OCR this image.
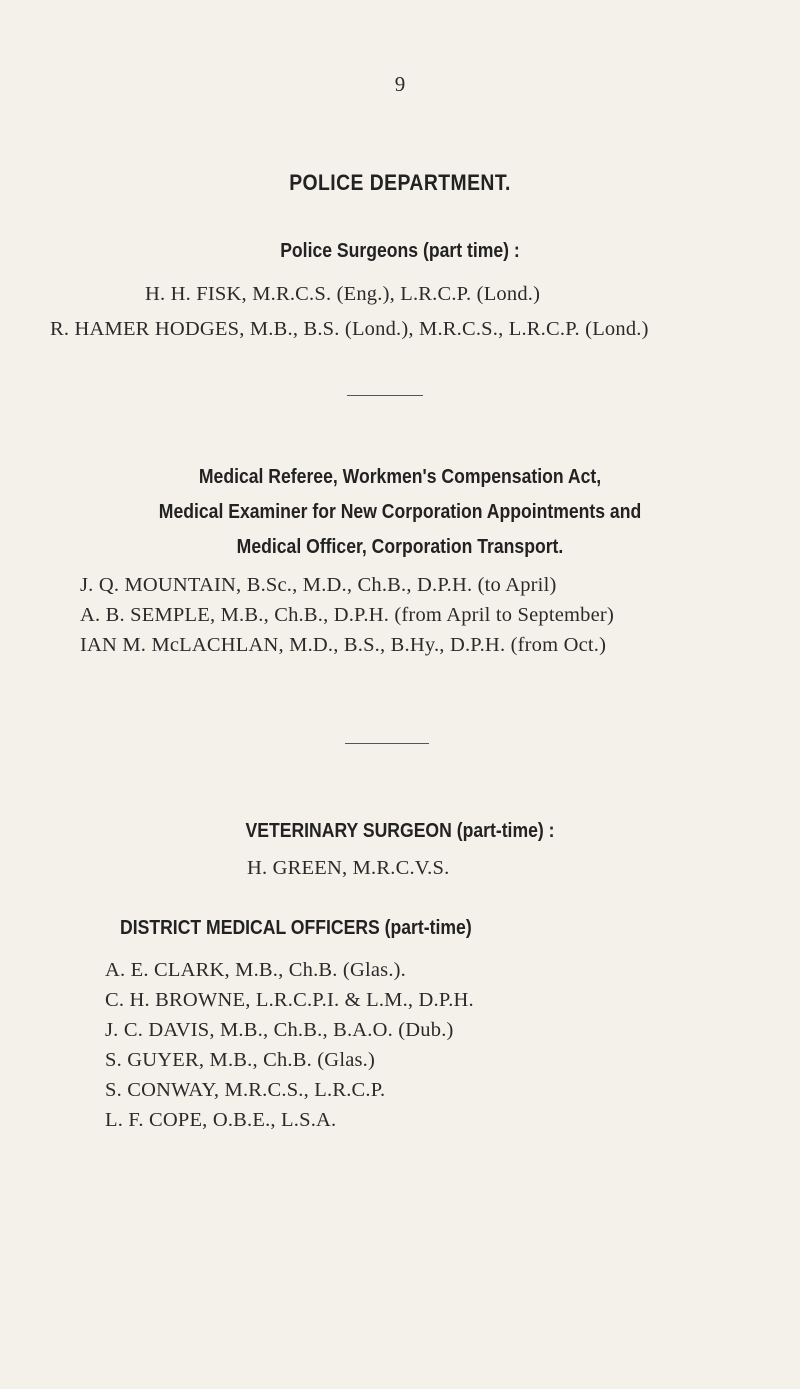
9
POLICE DEPARTMENT.
Police Surgeons (part time) :
H. H. FISK, M.R.C.S. (Eng.), L.R.C.P. (Lond.)
R. HAMER HODGES, M.B., B.S. (Lond.), M.R.C.S., L.R.C.P. (Lond.)
Medical Referee, Workmen's Compensation Act,
Medical Examiner for New Corporation Appointments and
Medical Officer, Corporation Transport.
J. Q. MOUNTAIN, B.Sc., M.D., Ch.B., D.P.H. (to April)
A. B. SEMPLE, M.B., Ch.B., D.P.H. (from April to September)
IAN M. McLACHLAN, M.D., B.S., B.Hy., D.P.H. (from Oct.)
VETERINARY SURGEON (part-time) :
H. GREEN, M.R.C.V.S.
DISTRICT MEDICAL OFFICERS (part-time)
A. E. CLARK, M.B., Ch.B. (Glas.).
C. H. BROWNE, L.R.C.P.I. & L.M., D.P.H.
J. C. DAVIS, M.B., Ch.B., B.A.O. (Dub.)
S. GUYER, M.B., Ch.B. (Glas.)
S. CONWAY, M.R.C.S., L.R.C.P.
L. F. COPE, O.B.E., L.S.A.
